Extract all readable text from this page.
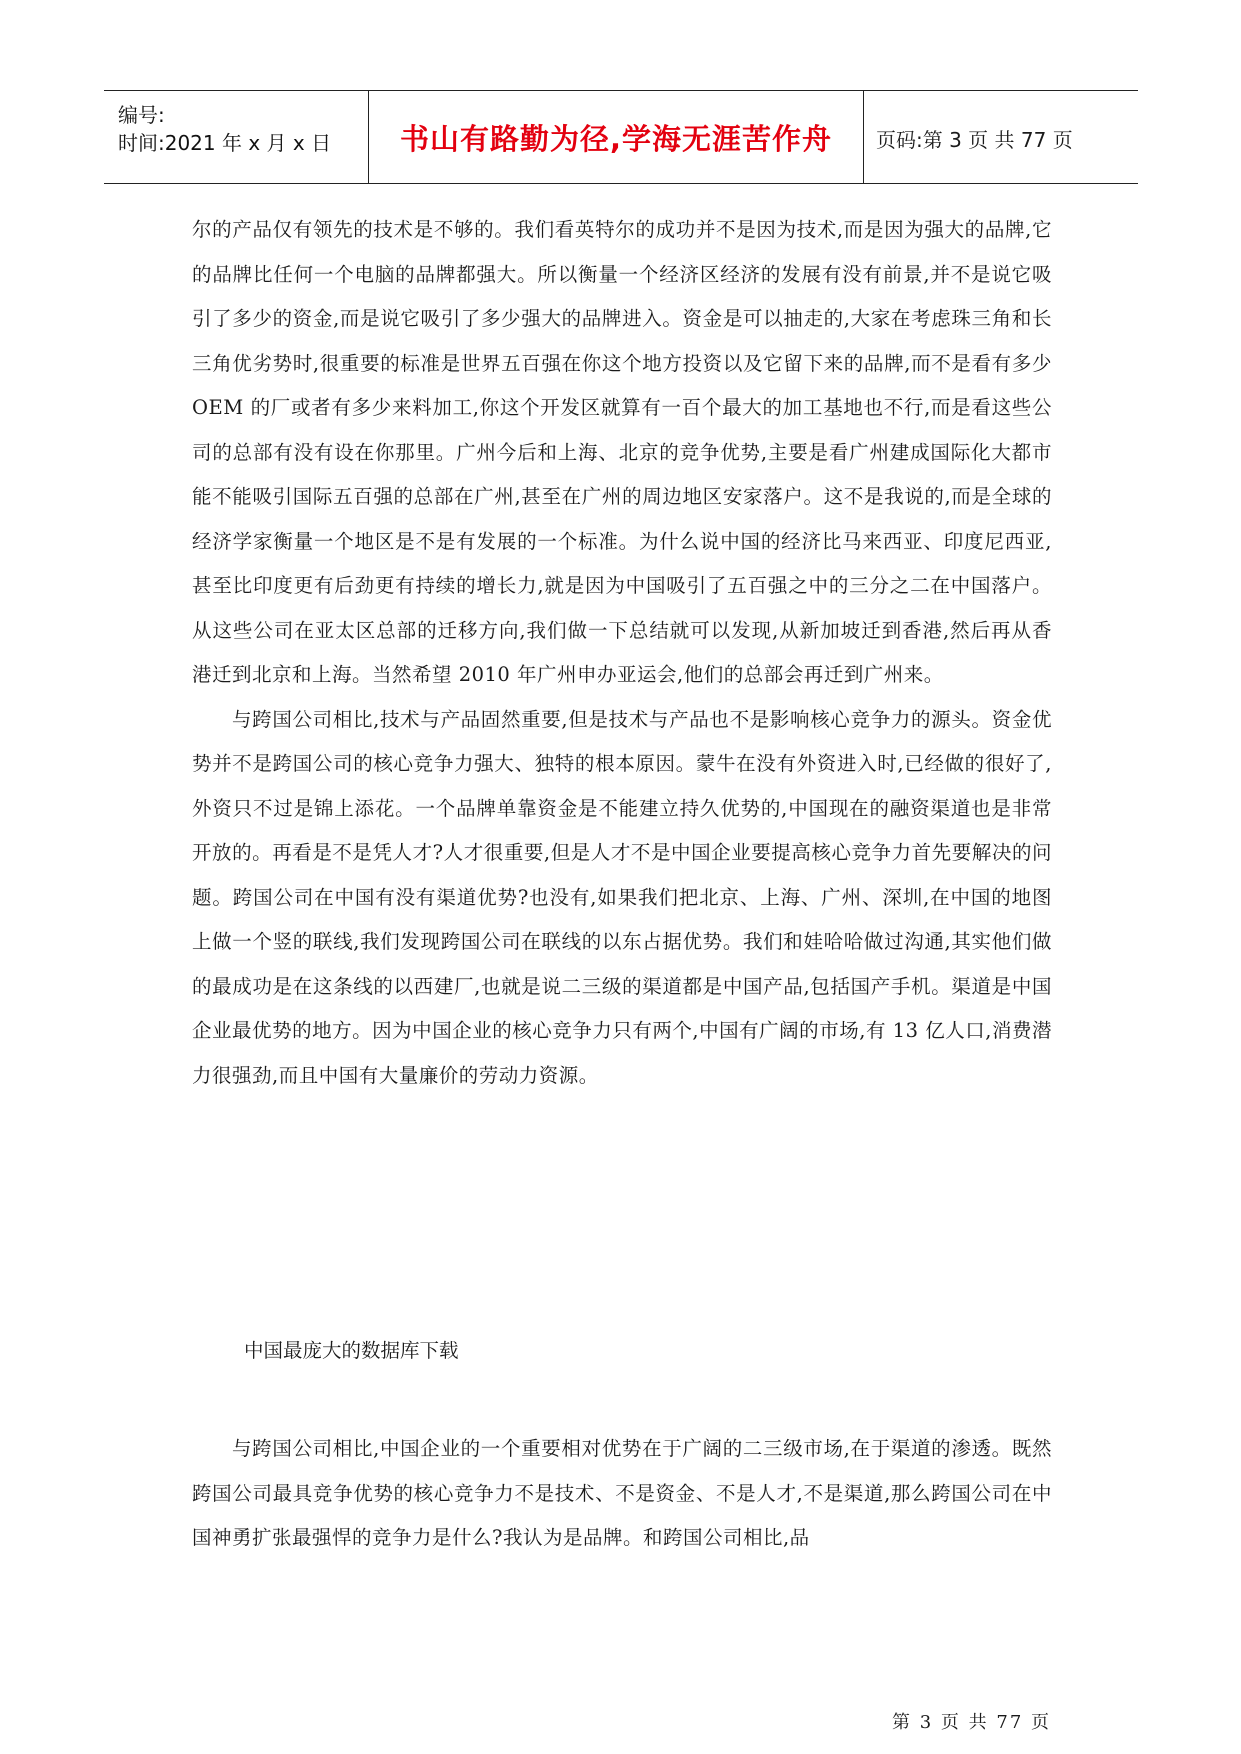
编号:
时间:2021 年 x 月 x 日	书山有路勤为径,学海无涯苦作舟	页码:第 3 页 共 77 页

尔的产品仅有领先的技术是不够的。我们看英特尔的成功并不是因为技术,而是因为强大的品牌,它的品牌比任何一个电脑的品牌都强大。所以衡量一个经济区经济的发展有没有前景,并不是说它吸引了多少的资金,而是说它吸引了多少强大的品牌进入。资金是可以抽走的,大家在考虑珠三角和长三角优劣势时,很重要的标准是世界五百强在你这个地方投资以及它留下来的品牌,而不是看有多少 OEM 的厂或者有多少来料加工,你这个开发区就算有一百个最大的加工基地也不行,而是看这些公司的总部有没有设在你那里。广州今后和上海、北京的竞争优势,主要是看广州建成国际化大都市能不能吸引国际五百强的总部在广州,甚至在广州的周边地区安家落户。这不是我说的,而是全球的经济学家衡量一个地区是不是有发展的一个标准。为什么说中国的经济比马来西亚、印度尼西亚,甚至比印度更有后劲更有持续的增长力,就是因为中国吸引了五百强之中的三分之二在中国落户。从这些公司在亚太区总部的迁移方向,我们做一下总结就可以发现,从新加坡迁到香港,然后再从香港迁到北京和上海。当然希望 2010 年广州申办亚运会,他们的总部会再迁到广州来。

与跨国公司相比,技术与产品固然重要,但是技术与产品也不是影响核心竞争力的源头。资金优势并不是跨国公司的核心竞争力强大、独特的根本原因。蒙牛在没有外资进入时,已经做的很好了,外资只不过是锦上添花。一个品牌单靠资金是不能建立持久优势的,中国现在的融资渠道也是非常开放的。再看是不是凭人才?人才很重要,但是人才不是中国企业要提高核心竞争力首先要解决的问题。跨国公司在中国有没有渠道优势?也没有,如果我们把北京、上海、广州、深圳,在中国的地图上做一个竖的联线,我们发现跨国公司在联线的以东占据优势。我们和娃哈哈做过沟通,其实他们做的最成功是在这条线的以西建厂,也就是说二三级的渠道都是中国产品,包括国产手机。渠道是中国企业最优势的地方。因为中国企业的核心竞争力只有两个,中国有广阔的市场,有 13 亿人口,消费潜力很强劲,而且中国有大量廉价的劳动力资源。

中国最庞大的数据库下载

与跨国公司相比,中国企业的一个重要相对优势在于广阔的二三级市场,在于渠道的渗透。既然跨国公司最具竞争优势的核心竞争力不是技术、不是资金、不是人才,不是渠道,那么跨国公司在中国神勇扩张最强悍的竞争力是什么?我认为是品牌。和跨国公司相比,品

第 3 页 共 77 页
